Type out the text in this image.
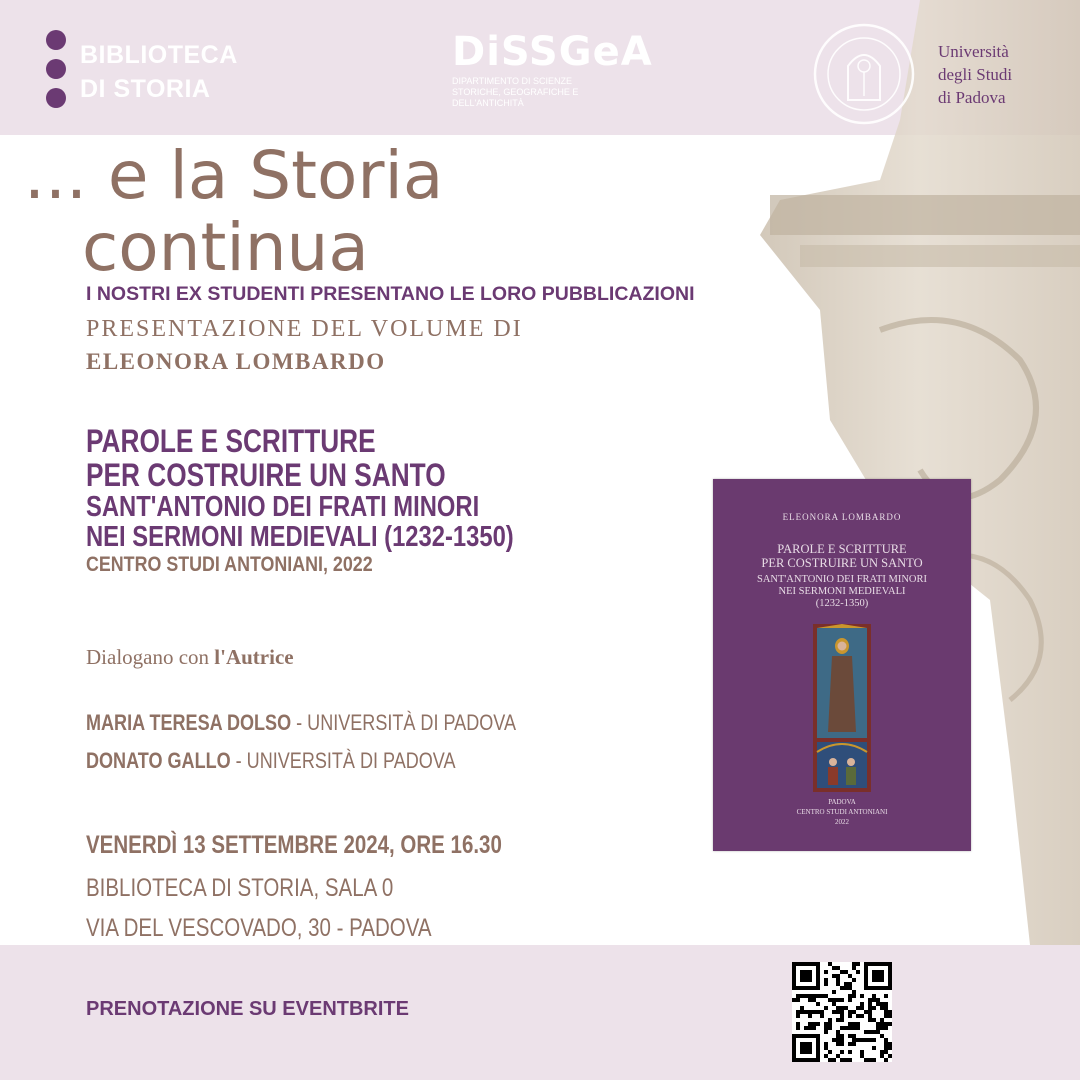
BIBLIOTECA
DI STORIA
DiSSGeA
DIPARTIMENTO DI SCIENZE STORICHE, GEOGRAFICHE E DELL'ANTICHITÀ
Università
degli Studi
di Padova
... e la Storia
continua
I NOSTRI EX STUDENTI PRESENTANO LE LORO PUBBLICAZIONI
PRESENTAZIONE DEL VOLUME DI
ELEONORA LOMBARDO
PAROLE E SCRITTURE
PER COSTRUIRE UN SANTO
SANT'ANTONIO DEI FRATI MINORI
NEI SERMONI MEDIEVALI (1232-1350)
CENTRO STUDI ANTONIANI, 2022
Dialogano con l'Autrice
MARIA TERESA DOLSO - UNIVERSITÀ DI PADOVA
DONATO GALLO - UNIVERSITÀ DI PADOVA
VENERDÌ 13 SETTEMBRE 2024, ORE 16.30
BIBLIOTECA DI STORIA, SALA 0
VIA DEL VESCOVADO, 30 - PADOVA
PRENOTAZIONE SU EVENTBRITE
ELEONORA LOMBARDO
PAROLE E SCRITTURE
PER COSTRUIRE UN SANTO
SANT'ANTONIO DEI FRATI MINORI
NEI SERMONI MEDIEVALI
(1232-1350)
PADOVA
CENTRO STUDI ANTONIANI
2022
